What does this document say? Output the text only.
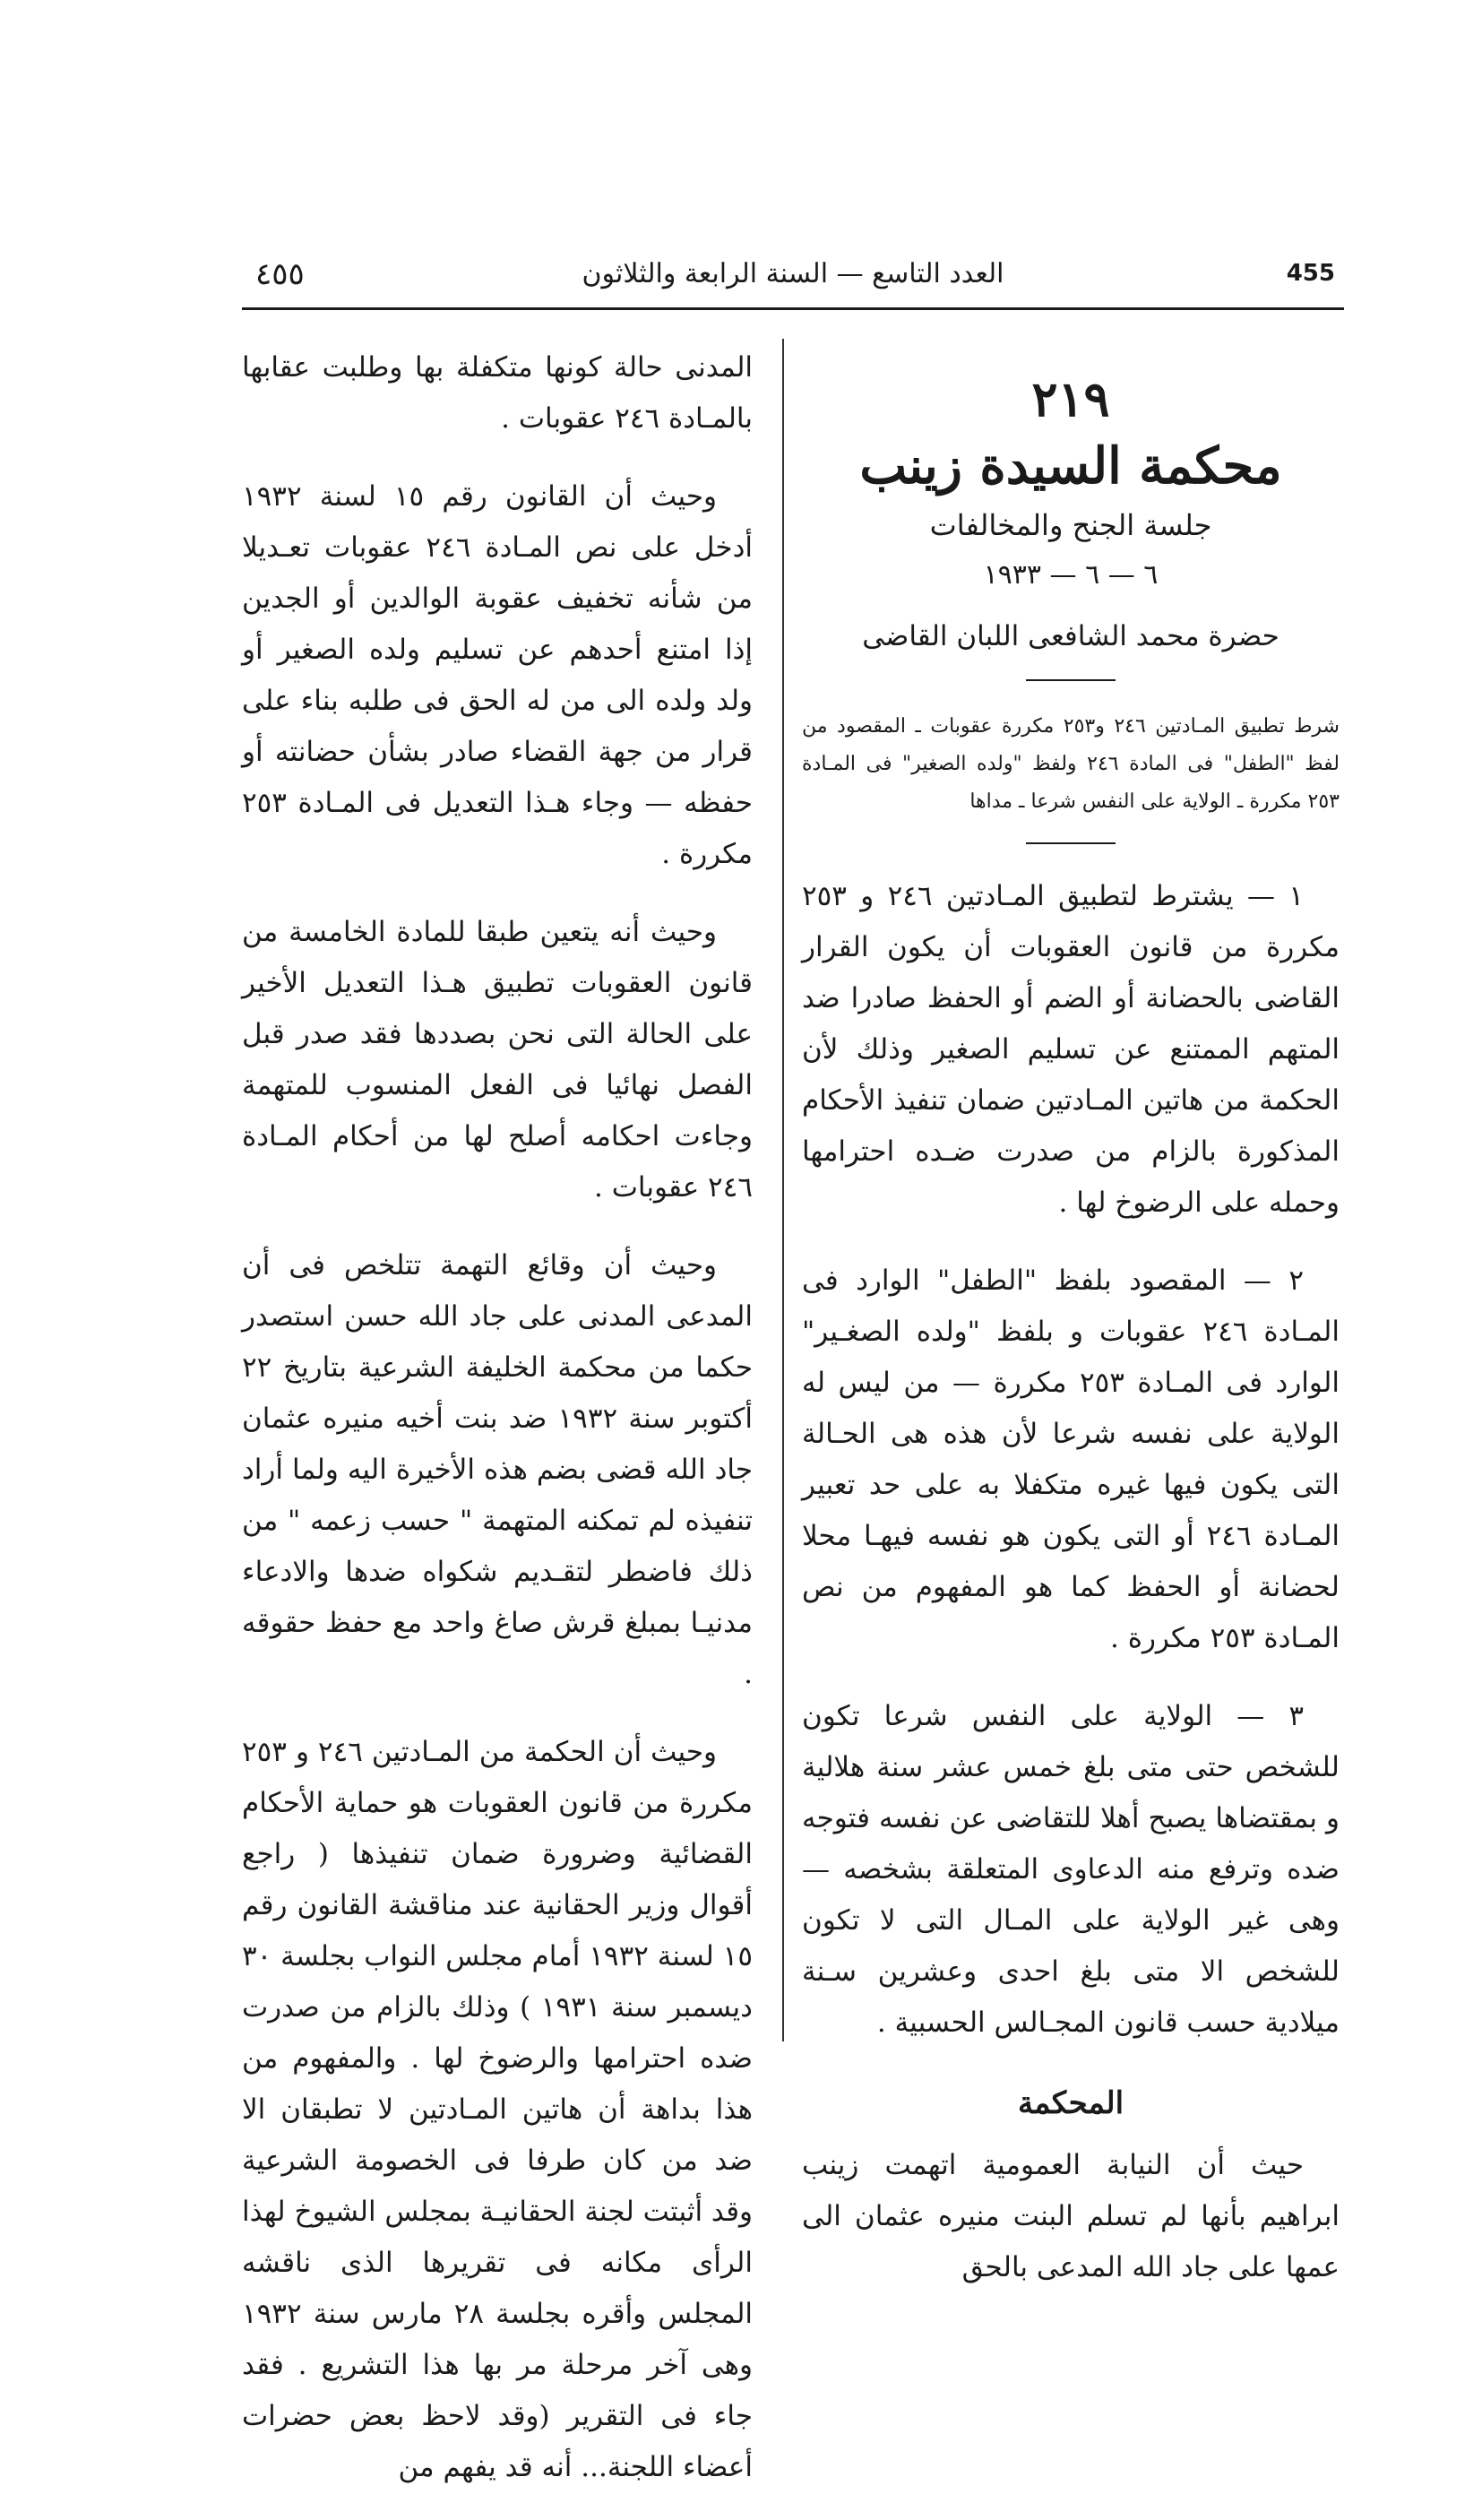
٤٥٥	العدد التاسع — السنة الرابعة والثلاثون	455
٢١٩
محكمة السيدة زينب
جلسة الجنح والمخالفات
٦ — ٦ — ١٩٣٣
حضرة محمد الشافعى اللبان القاضى

شرط تطبيق المـادتين ٢٤٦ و٢٥٣ مكررة عقوبات ـ المقصود من لفظ "الطفل" فى المادة ٢٤٦ ولفظ "ولده الصغير" فى المـادة ٢٥٣ مكررة ـ الولاية على النفس شرعا ـ مداها

١ — يشترط لتطبيق المـادتين ٢٤٦ و ٢٥٣ مكررة من قانون العقوبات أن يكون القرار القاضى بالحضانة أو الضم أو الحفظ صادرا ضد المتهم الممتنع عن تسليم الصغير وذلك لأن الحكمة من هاتين المـادتين ضمان تنفيذ الأحكام المذكورة بالزام من صدرت ضـده احترامها وحمله على الرضوخ لها .

٢ — المقصود بلفظ "الطفل" الوارد فى المـادة ٢٤٦ عقوبات و بلفظ "ولده الصغـير" الوارد فى المـادة ٢٥٣ مكررة — من ليس له الولاية على نفسه شرعا لأن هذه هى الحـالة التى يكون فيها غيره متكفلا به على حد تعبير المـادة ٢٤٦ أو التى يكون هو نفسه فيهـا محلا لحضانة أو الحفظ كما هو المفهوم من نص المـادة ٢٥٣ مكررة .

٣ — الولاية على النفس شرعا تكون للشخص حتى متى بلغ خمس عشر سنة هلالية و بمقتضاها يصبح أهلا للتقاضى عن نفسه فتوجه ضده وترفع منه الدعاوى المتعلقة بشخصه — وهى غير الولاية على المـال التى لا تكون للشخص الا متى بلغ احدى وعشرين سـنة ميلادية حسب قانون المجـالس الحسبية .

المحكمة

حيث أن النيابة العمومية اتهمت زينب ابراهيم بأنها لم تسلم البنت منيره عثمان الى عمها على جاد الله المدعى بالحق

المدنى حالة كونها متكفلة بها وطلبت عقابها بالمـادة ٢٤٦ عقوبات .

وحيث أن القانون رقم ١٥ لسنة ١٩٣٢ أدخل على نص المـادة ٢٤٦ عقوبات تعـديلا من شأنه تخفيف عقوبة الوالدين أو الجدين إذا امتنع أحدهم عن تسليم ولده الصغير أو ولد ولده الى من له الحق فى طلبه بناء على قرار من جهة القضاء صادر بشأن حضانته أو حفظه — وجاء هـذا التعديل فى المـادة ٢٥٣ مكررة .

وحيث أنه يتعين طبقا للمادة الخامسة من قانون العقوبات تطبيق هـذا التعديل الأخير على الحالة التى نحن بصددها فقد صدر قبل الفصل نهائيا فى الفعل المنسوب للمتهمة وجاءت احكامه أصلح لها من أحكام المـادة ٢٤٦ عقوبات .

وحيث أن وقائع التهمة تتلخص فى أن المدعى المدنى على جاد الله حسن استصدر حكما من محكمة الخليفة الشرعية بتاريخ ٢٢ أكتوبر سنة ١٩٣٢ ضد بنت أخيه منيره عثمان جاد الله قضى بضم هذه الأخيرة اليه ولما أراد تنفيذه لم تمكنه المتهمة " حسب زعمه " من ذلك فاضطر لتقـديم شكواه ضدها والادعاء مدنيـا بمبلغ قرش صاغ واحد مع حفظ حقوقه .

وحيث أن الحكمة من المـادتين ٢٤٦ و ٢٥٣ مكررة من قانون العقوبات هو حماية الأحكام القضائية وضرورة ضمان تنفيذها ( راجع أقوال وزير الحقانية عند مناقشة القانون رقم ١٥ لسنة ١٩٣٢ أمام مجلس النواب بجلسة ٣٠ ديسمبر سنة ١٩٣١ ) وذلك بالزام من صدرت ضده احترامها والرضوخ لها . والمفهوم من هذا بداهة أن هاتين المـادتين لا تطبقان الا ضد من كان طرفا فى الخصومة الشرعية وقد أثبتت لجنة الحقانيـة بمجلس الشيوخ لهذا الرأى مكانه فى تقريرها الذى ناقشه المجلس وأقره بجلسة ٢٨ مارس سنة ١٩٣٢ وهى آخر مرحلة مر بها هذا التشريع . فقد جاء فى التقرير (وقد لاحظ بعض حضرات أعضاء اللجنة... أنه قد يفهم من
